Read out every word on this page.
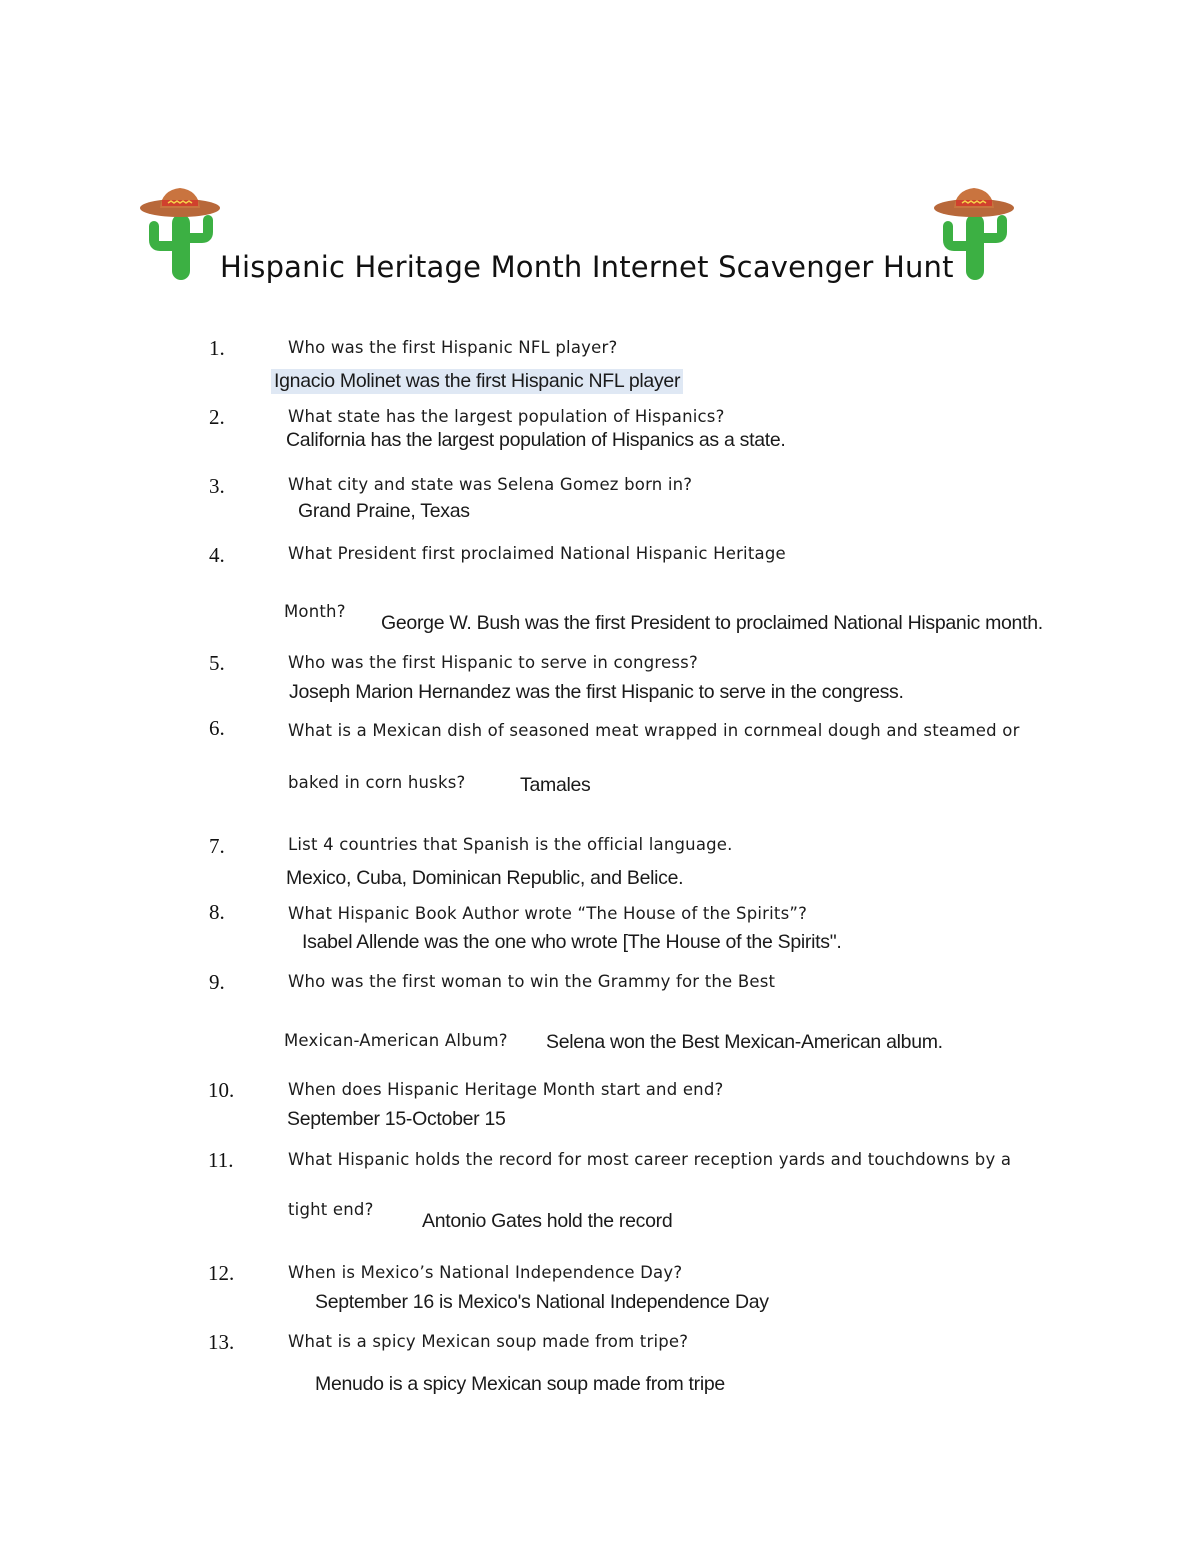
Hispanic Heritage Month Internet Scavenger Hunt
1.	Who was the first Hispanic NFL player?
Ignacio Molinet was the first Hispanic NFL player
2.	What state has the largest population of Hispanics?
California has the largest population of Hispanics as a state.
3.	What city and state was Selena Gomez born in?
Grand Praine, Texas
4.	What President first proclaimed National Hispanic Heritage
Month?
George W. Bush was the first President to proclaimed National Hispanic month.
5.	Who was the first Hispanic to serve in congress?
Joseph Marion Hernandez was the first Hispanic to serve in the congress.
6.	What is a Mexican dish of seasoned meat wrapped in cornmeal dough and steamed or
baked in corn husks?	Tamales
7.	List 4 countries that Spanish is the official language.
Mexico, Cuba, Dominican Republic, and Belice.
8.	What Hispanic Book Author wrote “The House of the Spirits”?
Isabel Allende was the one who wrote [The House of the Spirits".
9.	Who was the first woman to win the Grammy for the Best
Mexican-American Album? Selena won the Best Mexican-American album.
10.	When does Hispanic Heritage Month start and end?
September 15-October 15
11.	What Hispanic holds the record for most career reception yards and touchdowns by a
tight end?
Antonio Gates hold the record
12.	When is Mexico’s National Independence Day?
September 16 is Mexico's National Independence Day
13.	What is a spicy Mexican soup made from tripe?
Menudo is a spicy Mexican soup made from tripe
